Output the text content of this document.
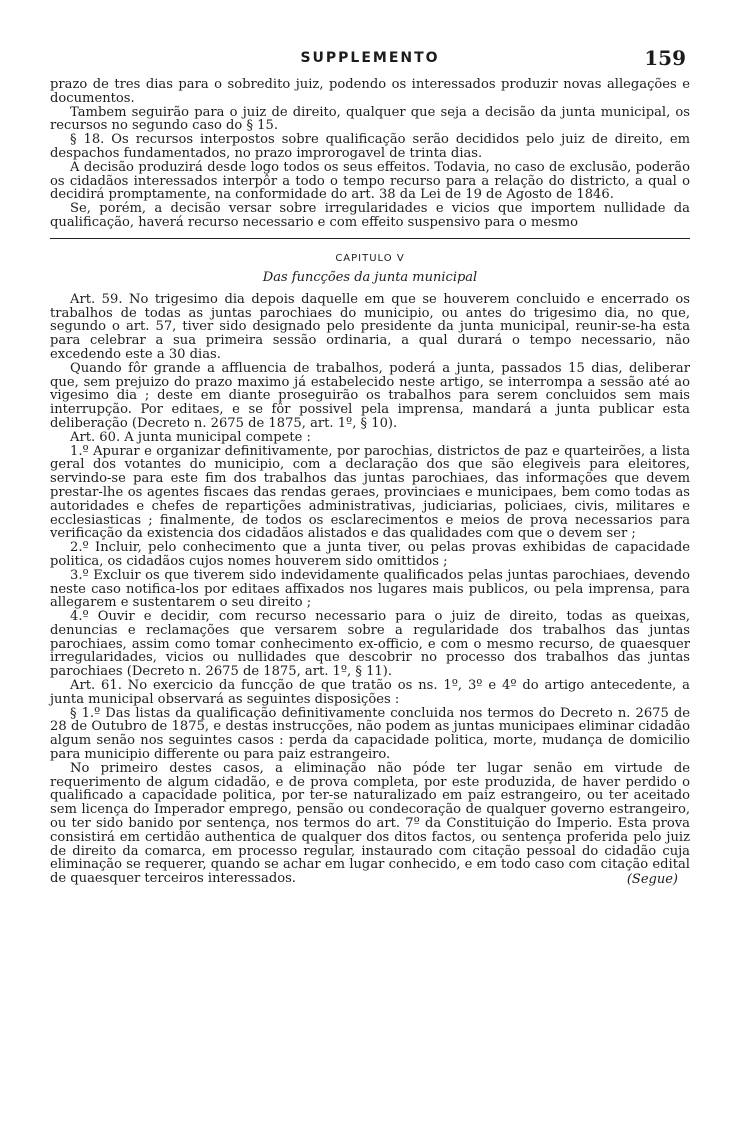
SUPPLEMENTO	159

prazo de tres dias para o sobredito juiz, podendo os interessados produzir novas allegações e documentos.

Tambem seguirão para o juiz de direito, qualquer que seja a decisão da junta municipal, os recursos no segundo caso do § 15.

§ 18. Os recursos interpostos sobre qualificação serão decididos pelo juiz de direito, em despachos fundamentados, no prazo improrogavel de trinta dias.

A decisão produzirá desde logo todos os seus effeitos. Todavia, no caso de exclusão, poderão os cidadãos interessados interpôr a todo o tempo recurso para a relação do districto, a qual o decidirá promptamente, na conformidade do art. 38 da Lei de 19 de Agosto de 1846.

Se, porém, a decisão versar sobre irregularidades e vicios que importem nullidade da qualificação, haverá recurso necessario e com effeito suspensivo para o mesmo

CAPITULO V
Das funcções da junta municipal

Art. 59. No trigesimo dia depois daquelle em que se houverem concluido e encerrado os trabalhos de todas as juntas parochiaes do municipio, ou antes do trigesimo dia, no que, segundo o art. 57, tiver sido designado pelo presidente da junta municipal, reunir-se-ha esta para celebrar a sua primeira sessão ordinaria, a qual durará o tempo necessario, não excedendo este a 30 dias.

Quando fôr grande a affluencia de trabalhos, poderá a junta, passados 15 dias, deliberar que, sem prejuizo do prazo maximo já estabelecido neste artigo, se interrompa a sessão até ao vigesimo dia ; deste em diante proseguirão os trabalhos para serem concluidos sem mais interrupção. Por editaes, e se fôr possivel pela imprensa, mandará a junta publicar esta deliberação (Decreto n. 2675 de 1875, art. 1º, § 10).

Art. 60. A junta municipal compete :

1.º Apurar e organizar definitivamente, por parochias, districtos de paz e quarteirões, a lista geral dos votantes do municipio, com a declaração dos que são elegiveis para eleitores, servindo-se para este fim dos trabalhos das juntas parochiaes, das informações que devem prestar-lhe os agentes fiscaes das rendas geraes, provinciaes e municipaes, bem como todas as autoridades e chefes de repartições administrativas, judiciarias, policiaes, civis, militares e ecclesiasticas ; finalmente, de todos os esclarecimentos e meios de prova necessarios para verificação da existencia dos cidadãos alistados e das qualidades com que o devem ser ;

2.º Incluir, pelo conhecimento que a junta tiver, ou pelas provas exhibidas de capacidade politica, os cidadãos cujos nomes houverem sido omittidos ;

3.º Excluir os que tiverem sido indevidamente qualificados pelas juntas parochiaes, devendo neste caso notifica-los por editaes affixados nos lugares mais publicos, ou pela imprensa, para allegarem e sustentarem o seu direito ;

4.º Ouvir e decidir, com recurso necessario para o juiz de direito, todas as queixas, denuncias e reclamações que versarem sobre a regularidade dos trabalhos das juntas parochiaes, assim como tomar conhecimento ex-officio, e com o mesmo recurso, de quaesquer irregularidades, vicios ou nullidades que descobrir no processo dos trabalhos das juntas parochiaes (Decreto n. 2675 de 1875, art. 1º, § 11).

Art. 61. No exercicio da funcção de que tratão os ns. 1º, 3º e 4º do artigo antecedente, a junta municipal observará as seguintes disposições :

§ 1.º Das listas da qualificação definitivamente concluida nos termos do Decreto n. 2675 de 28 de Outubro de 1875, e destas instrucções, não podem as juntas municipaes eliminar cidadão algum senão nos seguintes casos : perda da capacidade politica, morte, mudança de domicilio para municipio differente ou para paiz estrangeiro.

No primeiro destes casos, a eliminação não póde ter lugar senão em virtude de requerimento de algum cidadão, e de prova completa, por este produzida, de haver perdido o qualificado a capacidade politica, por ter-se naturalizado em paiz estrangeiro, ou ter aceitado sem licença do Imperador emprego, pensão ou condecoração de qualquer governo estrangeiro, ou ter sido banido por sentença, nos termos do art. 7º da Constituição do Imperio. Esta prova consistirá em certidão authentica de qualquer dos ditos factos, ou sentença proferida pelo juiz de direito da comarca, em processo regular, instaurado com citação pessoal do cidadão cuja eliminação se requerer, quando se achar em lugar conhecido, e em todo caso com citação edital de quaesquer terceiros interessados.	(Segue)
